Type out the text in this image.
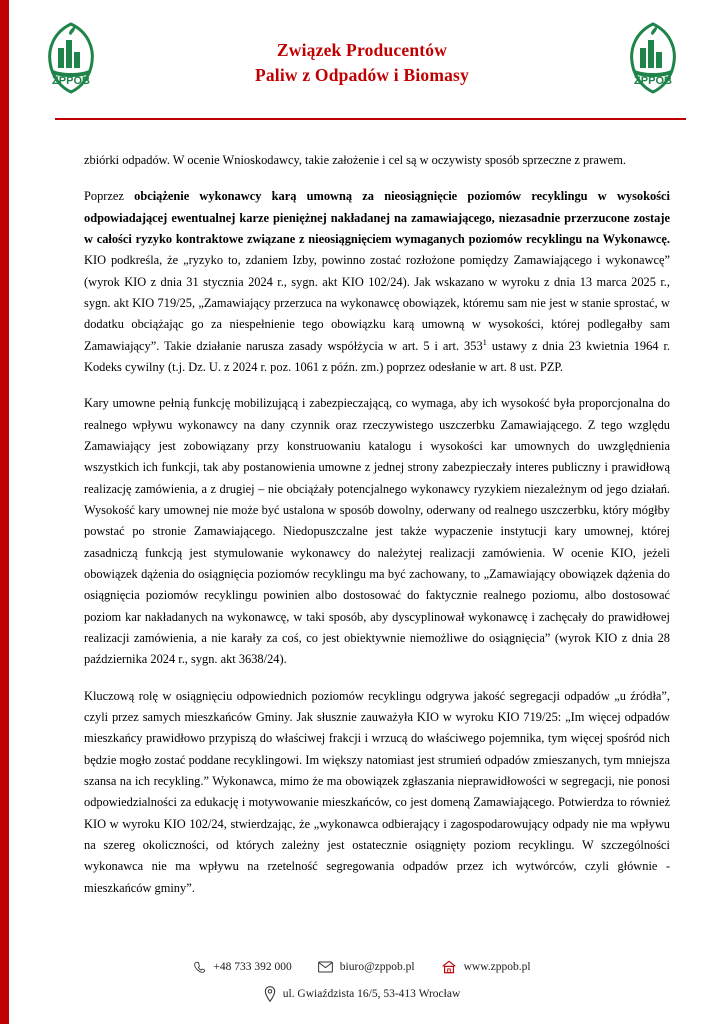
ZPPOB
Związek Producentów
Paliw z Odpadów i Biomasy	ZPPOB

zbiórki odpadów. W ocenie Wnioskodawcy, takie założenie i cel są w oczywisty sposób sprzeczne z prawem.

Poprzez obciążenie wykonawcy karą umowną za nieosiągnięcie poziomów recyklingu w wysokości odpowiadającej ewentualnej karze pieniężnej nakładanej na zamawiającego, niezasadnie przerzucone zostaje w całości ryzyko kontraktowe związane z nieosiągnięciem wymaganych poziomów recyklingu na Wykonawcę. KIO podkreśla, że „ryzyko to, zdaniem Izby, powinno zostać rozłożone pomiędzy Zamawiającego i wykonawcę” (wyrok KIO z dnia 31 stycznia 2024 r., sygn. akt KIO 102/24). Jak wskazano w wyroku z dnia 13 marca 2025 r., sygn. akt KIO 719/25, „Zamawiający przerzuca na wykonawcę obowiązek, któremu sam nie jest w stanie sprostać, w dodatku obciążając go za niespełnienie tego obowiązku karą umowną w wysokości, której podlegałby sam Zamawiający”. Takie działanie narusza zasady współżycia w art. 5 i art. $353^1$ ustawy z dnia 23 kwietnia 1964 r. Kodeks cywilny (t.j. Dz. U. z 2024 r. poz. 1061 z późn. zm.) poprzez odesłanie w art. 8 ust. PZP.

Kary umowne pełnią funkcję mobilizującą i zabezpieczającą, co wymaga, aby ich wysokość była proporcjonalna do realnego wpływu wykonawcy na dany czynnik oraz rzeczywistego uszczerbku Zamawiającego. Z tego względu Zamawiający jest zobowiązany przy konstruowaniu katalogu i wysokości kar umownych do uwzględnienia wszystkich ich funkcji, tak aby postanowienia umowne z jednej strony zabezpieczały interes publiczny i prawidłową realizację zamówienia, a z drugiej – nie obciążały potencjalnego wykonawcy ryzykiem niezależnym od jego działań. Wysokość kary umownej nie może być ustalona w sposób dowolny, oderwany od realnego uszczerbku, który mógłby powstać po stronie Zamawiającego. Niedopuszczalne jest także wypaczenie instytucji kary umownej, której zasadniczą funkcją jest stymulowanie wykonawcy do należytej realizacji zamówienia. W ocenie KIO, jeżeli obowiązek dążenia do osiągnięcia poziomów recyklingu ma być zachowany, to „Zamawiający obowiązek dążenia do osiągnięcia poziomów recyklingu powinien albo dostosować do faktycznie realnego poziomu, albo dostosować poziom kar nakładanych na wykonawcę, w taki sposób, aby dyscyplinował wykonawcę i zachęcały do prawidłowej realizacji zamówienia, a nie karały za coś, co jest obiektywnie niemożliwe do osiągnięcia” (wyrok KIO z dnia 28 października 2024 r., sygn. akt 3638/24).

Kluczową rolę w osiągnięciu odpowiednich poziomów recyklingu odgrywa jakość segregacji odpadów „u źródła”, czyli przez samych mieszkańców Gminy. Jak słusznie zauważyła KIO w wyroku KIO 719/25: „Im więcej odpadów mieszkańcy prawidłowo przypiszą do właściwej frakcji i wrzucą do właściwego pojemnika, tym więcej spośród nich będzie mogło zostać poddane recyklingowi. Im większy natomiast jest strumień odpadów zmieszanych, tym mniejsza szansa na ich recykling.” Wykonawca, mimo że ma obowiązek zgłaszania nieprawidłowości w segregacji, nie ponosi odpowiedzialności za edukację i motywowanie mieszkańców, co jest domeną Zamawiającego. Potwierdza to również KIO w wyroku KIO 102/24, stwierdzając, że „wykonawca odbierający i zagospodarowujący odpady nie ma wpływu na szereg okoliczności, od których zależny jest ostatecznie osiągnięty poziom recyklingu. W szczególności wykonawca nie ma wpływu na rzetelność segregowania odpadów przez ich wytwórców, czyli głównie - mieszkańców gminy”.

+48 733 392 000	biuro@zppob.pl	www.zppob.pl
ul. Gwiaździsta 16/5, 53-413 Wrocław
